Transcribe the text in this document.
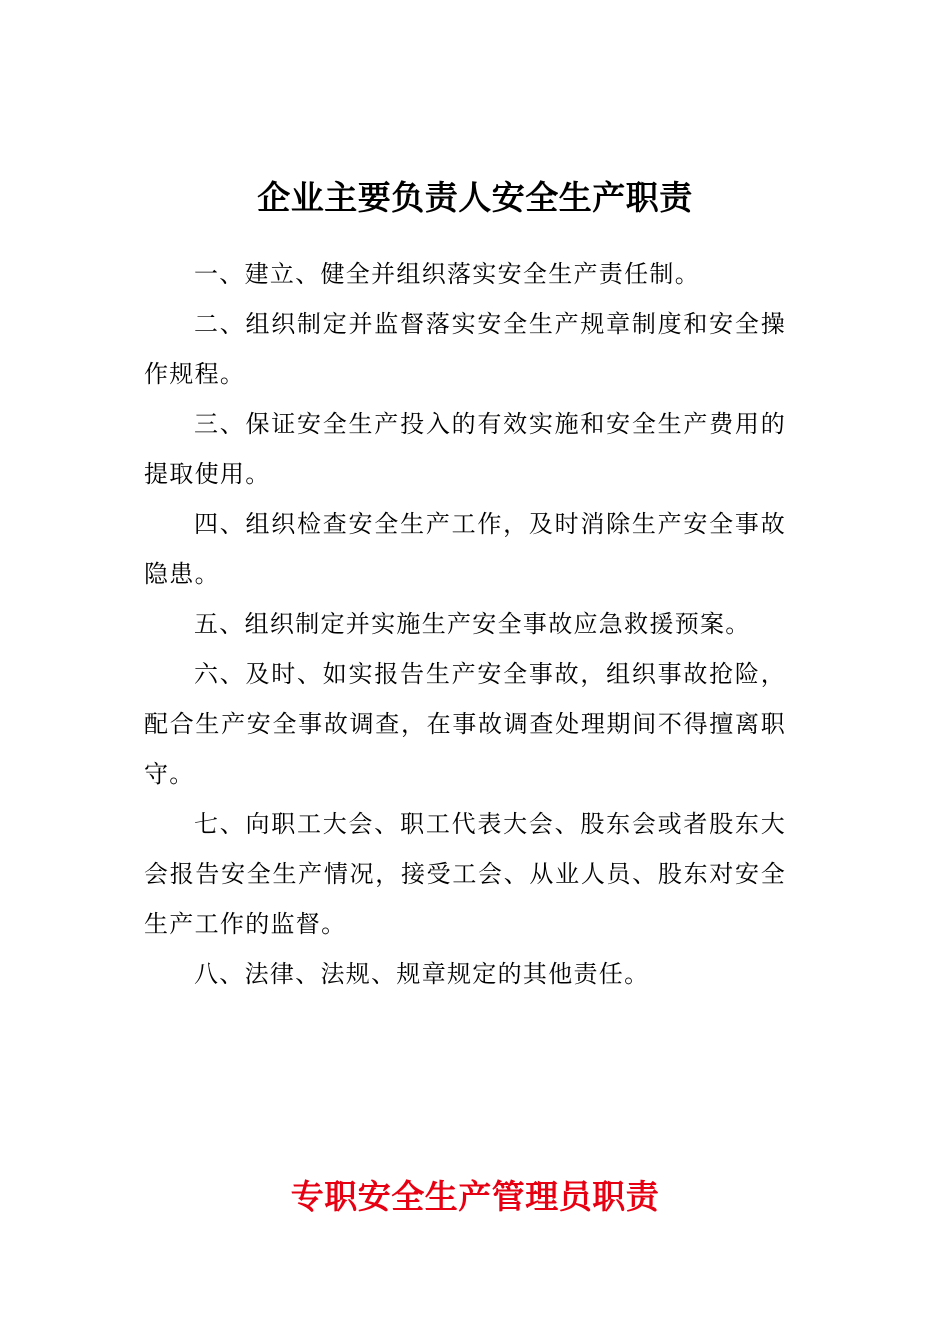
企业主要负责人安全生产职责

一、建立、健全并组织落实安全生产责任制。

二、组织制定并监督落实安全生产规章制度和安全操作规程。

三、保证安全生产投入的有效实施和安全生产费用的提取使用。

四、组织检查安全生产工作，及时消除生产安全事故隐患。

五、组织制定并实施生产安全事故应急救援预案。

六、及时、如实报告生产安全事故，组织事故抢险，配合生产安全事故调查，在事故调查处理期间不得擅离职守。

七、向职工大会、职工代表大会、股东会或者股东大会报告安全生产情况，接受工会、从业人员、股东对安全生产工作的监督。

八、法律、法规、规章规定的其他责任。

专职安全生产管理员职责
